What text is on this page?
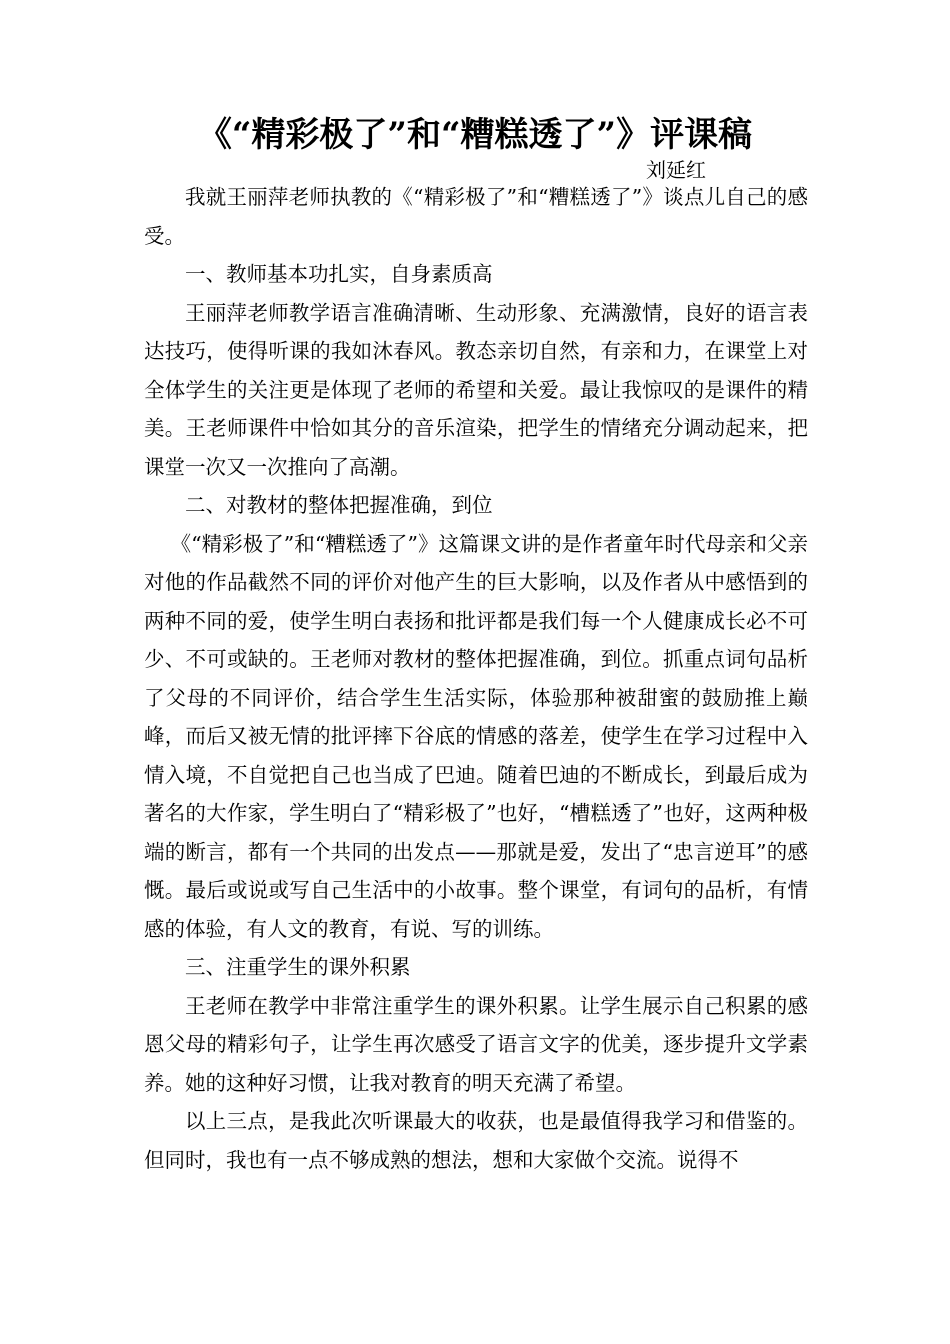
《“精彩极了”和“糟糕透了”》评课稿
刘延红

我就王丽萍老师执教的《“精彩极了”和“糟糕透了”》谈点儿自己的感受。

一、教师基本功扎实，自身素质高

王丽萍老师教学语言准确清晰、生动形象、充满激情，良好的语言表达技巧，使得听课的我如沐春风。教态亲切自然，有亲和力，在课堂上对全体学生的关注更是体现了老师的希望和关爱。最让我惊叹的是课件的精美。王老师课件中恰如其分的音乐渲染，把学生的情绪充分调动起来，把课堂一次又一次推向了高潮。

二、对教材的整体把握准确，到位

《“精彩极了”和“糟糕透了”》这篇课文讲的是作者童年时代母亲和父亲对他的作品截然不同的评价对他产生的巨大影响，以及作者从中感悟到的两种不同的爱，使学生明白表扬和批评都是我们每一个人健康成长必不可少、不可或缺的。王老师对教材的整体把握准确，到位。抓重点词句品析了父母的不同评价，结合学生生活实际，体验那种被甜蜜的鼓励推上巅峰，而后又被无情的批评摔下谷底的情感的落差，使学生在学习过程中入情入境，不自觉把自己也当成了巴迪。随着巴迪的不断成长，到最后成为著名的大作家，学生明白了“精彩极了”也好，“槽糕透了”也好，这两种极端的断言，都有一个共同的出发点——那就是爱，发出了“忠言逆耳”的感慨。最后或说或写自己生活中的小故事。整个课堂，有词句的品析，有情感的体验，有人文的教育，有说、写的训练。

三、注重学生的课外积累

王老师在教学中非常注重学生的课外积累。让学生展示自己积累的感恩父母的精彩句子，让学生再次感受了语言文字的优美，逐步提升文学素养。她的这种好习惯，让我对教育的明天充满了希望。

以上三点，是我此次听课最大的收获，也是最值得我学习和借鉴的。但同时，我也有一点不够成熟的想法，想和大家做个交流。说得不
